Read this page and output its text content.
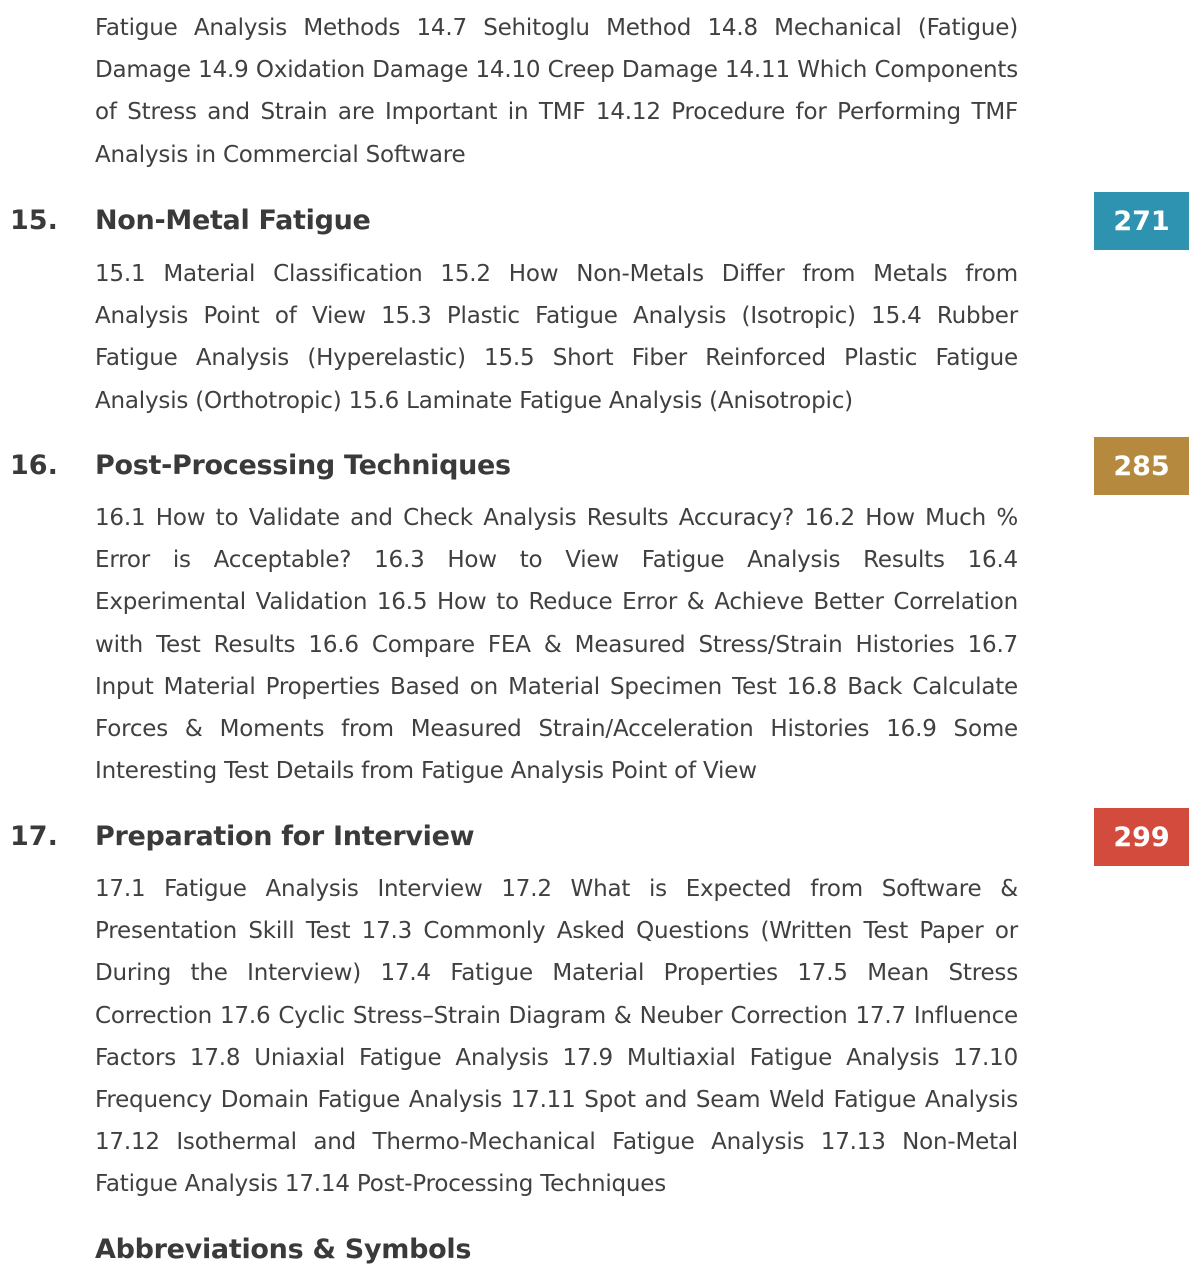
Fatigue Analysis Methods 14.7 Sehitoglu Method 14.8 Mechanical (Fatigue) Damage 14.9 Oxidation Damage 14.10 Creep Damage 14.11 Which Components of Stress and Strain are Important in TMF 14.12 Procedure for Performing TMF Analysis in Commercial Software

15. Non-Metal Fatigue	271

15.1 Material Classification 15.2 How Non-Metals Differ from Metals from Analysis Point of View 15.3 Plastic Fatigue Analysis (Isotropic) 15.4 Rubber Fatigue Analysis (Hyperelastic) 15.5 Short Fiber Reinforced Plastic Fatigue Analysis (Orthotropic) 15.6 Laminate Fatigue Analysis (Anisotropic)

16. Post-Processing Techniques	285

16.1 How to Validate and Check Analysis Results Accuracy? 16.2 How Much % Error is Acceptable? 16.3 How to View Fatigue Analysis Results 16.4 Experimental Validation 16.5 How to Reduce Error & Achieve Better Correlation with Test Results 16.6 Compare FEA & Measured Stress/Strain Histories 16.7 Input Material Properties Based on Material Specimen Test 16.8 Back Calculate Forces & Moments from Measured Strain/Acceleration Histories 16.9 Some Interesting Test Details from Fatigue Analysis Point of View

17. Preparation for Interview	299

17.1 Fatigue Analysis Interview 17.2 What is Expected from Software & Presentation Skill Test 17.3 Commonly Asked Questions (Written Test Paper or During the Interview) 17.4 Fatigue Material Properties 17.5 Mean Stress Correction 17.6 Cyclic Stress–Strain Diagram & Neuber Correction 17.7 Influence Factors 17.8 Uniaxial Fatigue Analysis 17.9 Multiaxial Fatigue Analysis 17.10 Frequency Domain Fatigue Analysis 17.11 Spot and Seam Weld Fatigue Analysis 17.12 Isothermal and Thermo-Mechanical Fatigue Analysis 17.13 Non-Metal Fatigue Analysis 17.14 Post-Processing Techniques

Abbreviations & Symbols
